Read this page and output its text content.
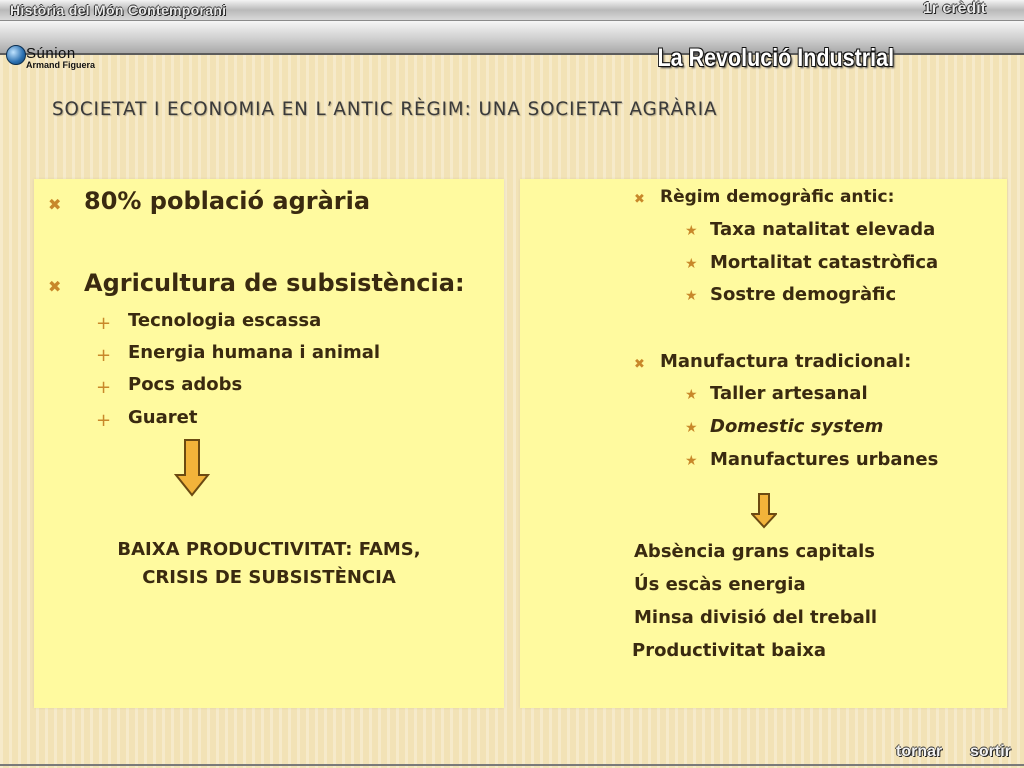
Història del Món Contemporani	1r crèdit
Súnion
Armand Figuera	La Revolució Industrial
SOCIETAT I ECONOMIA EN L’ANTIC RÈGIM: UNA SOCIETAT AGRÀRIA
✖ 80% població agrària
✖ Agricultura de subsistència:
+ Tecnologia escassa
+ Energia humana i animal
+ Pocs adobs
+ Guaret
BAIXA PRODUCTIVITAT: FAMS,
CRISIS DE SUBSISTÈNCIA
✖ Règim demogràfic antic:
★ Taxa natalitat elevada
★ Mortalitat catastròfica
★ Sostre demogràfic
✖ Manufactura tradicional:
★ Taller artesanal
★ Domestic system
★ Manufactures urbanes
Absència grans capitals
Ús escàs energia
Minsa divisió del treball
Productivitat baixa
tornar sortir
